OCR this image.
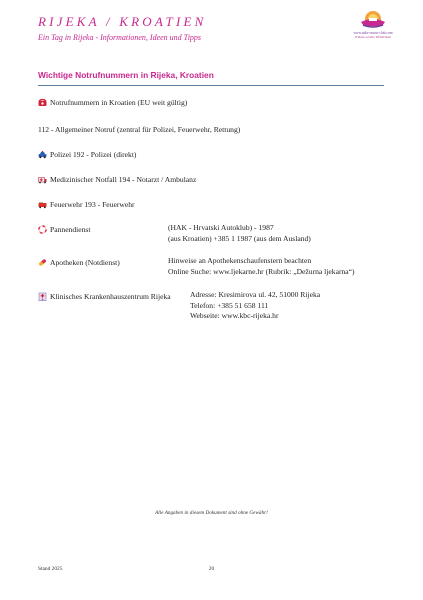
RIJEKA / KROATIEN
Ein Tag in Rijeka - Informationen, Ideen und Tipps	www.aida-ceuise-club.com
Träume werden Wirklichkeit
Wichtige Notrufnummern in Rijeka, Kroatien
Notrufnummern in Kroatien (EU weit gültig)
112 - Allgemeiner Notruf (zentral für Polizei, Feuerwehr, Rettung)
Polizei 192 - Polizei (direkt)
Medizinischer Notfall 194 - Notarzt / Ambulanz
Feuerwehr 193 - Feuerwehr
Pannendienst	(HAK - Hrvatski Autoklub) - 1987
(aus Kroatien) +385 1 1987 (aus dem Ausland)
Apotheken (Notdienst)	Hinweise an Apothekenschaufenstern beachten
Online Suche: www.ljekarne.hr (Rubrik: „Dežurna ljekarna“)
Klinisches Krankenhauszentrum Rijeka	Adresse: Kresimirova ul. 42, 51000 Rijeka
Telefon: +385 51 658 111
Webseite: www.kbc-rijeka.hr
Alle Angaben in diesem Dokument sind ohne Gewähr!
Stand 2025	20
